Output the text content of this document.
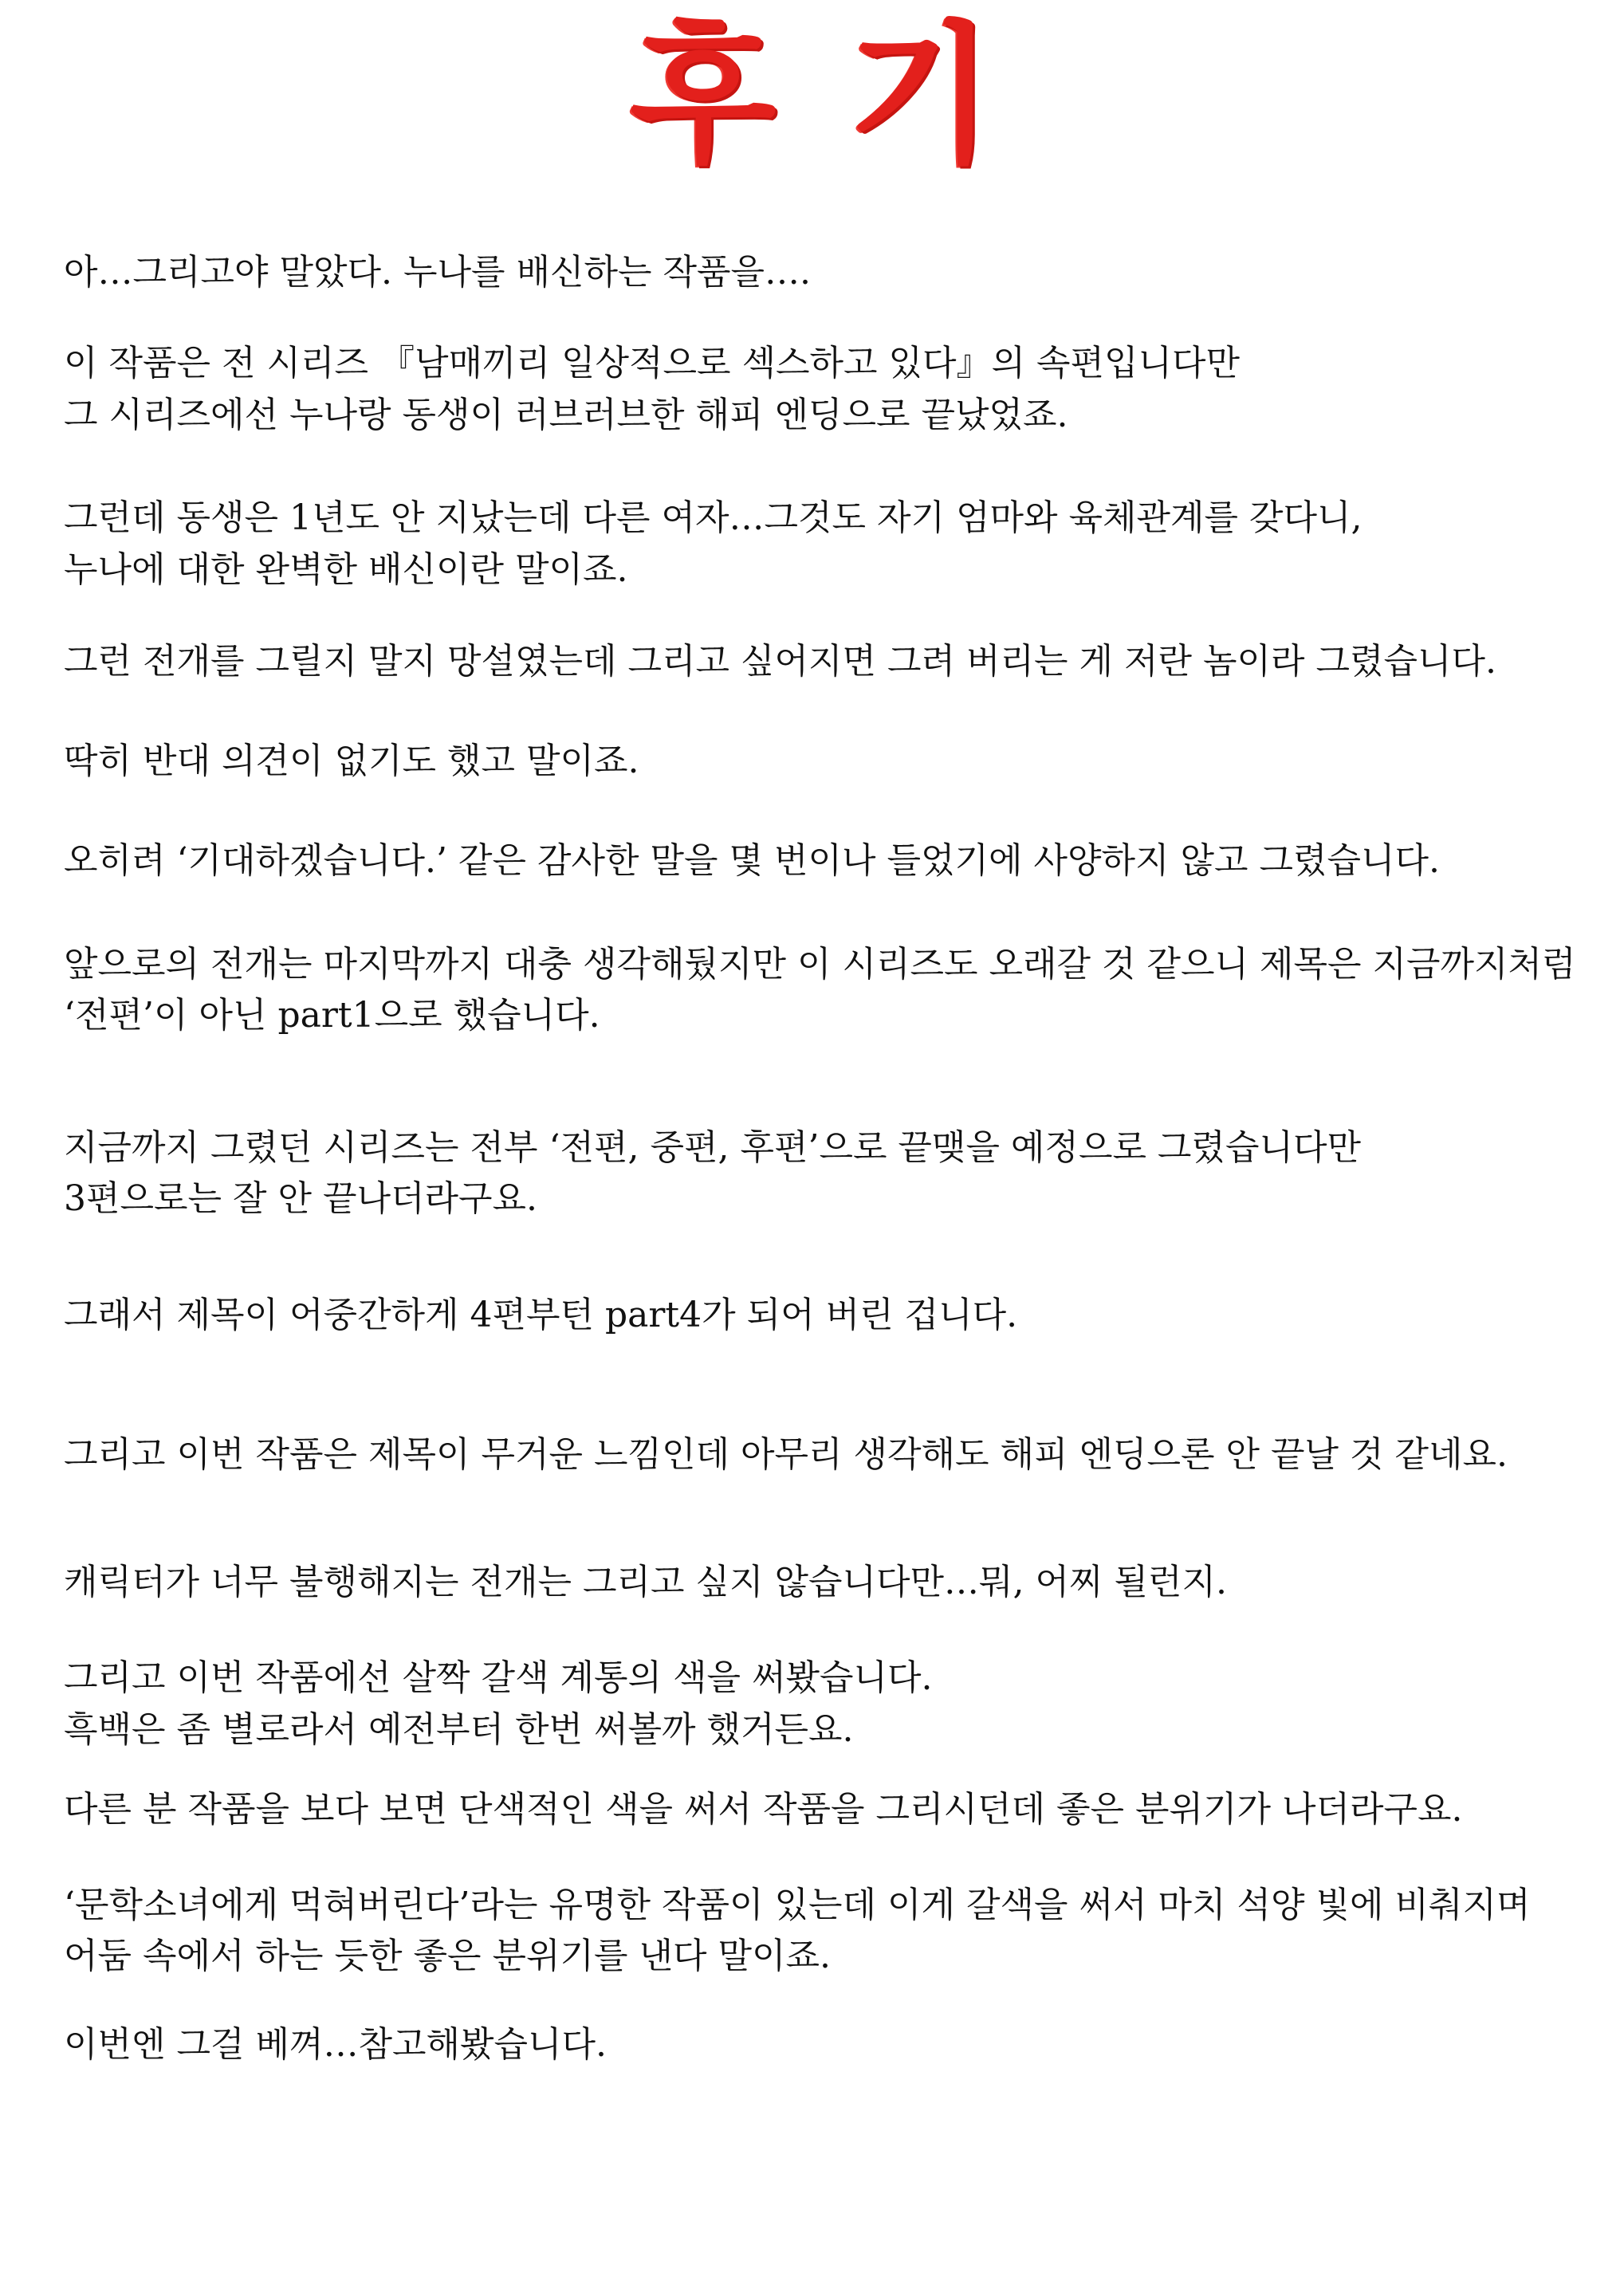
후기
아…그리고야 말았다. 누나를 배신하는 작품을….
이 작품은 전 시리즈 『남매끼리 일상적으로 섹스하고 있다』의 속편입니다만
그 시리즈에선 누나랑 동생이 러브러브한 해피 엔딩으로 끝났었죠.
그런데 동생은 1년도 안 지났는데 다른 여자…그것도 자기 엄마와 육체관계를 갖다니,
누나에 대한 완벽한 배신이란 말이죠.
그런 전개를 그릴지 말지 망설였는데 그리고 싶어지면 그려 버리는 게 저란 놈이라 그렸습니다.
딱히 반대 의견이 없기도 했고 말이죠.
오히려 ‘기대하겠습니다.’ 같은 감사한 말을 몇 번이나 들었기에 사양하지 않고 그렸습니다.
앞으로의 전개는 마지막까지 대충 생각해뒀지만 이 시리즈도 오래갈 것 같으니 제목은 지금까지처럼
‘전편’이 아닌 part1으로 했습니다.
지금까지 그렸던 시리즈는 전부 ‘전편, 중편, 후편’으로 끝맺을 예정으로 그렸습니다만
3편으로는 잘 안 끝나더라구요.
그래서 제목이 어중간하게 4편부턴 part4가 되어 버린 겁니다.
그리고 이번 작품은 제목이 무거운 느낌인데 아무리 생각해도 해피 엔딩으론 안 끝날 것 같네요.
캐릭터가 너무 불행해지는 전개는 그리고 싶지 않습니다만…뭐, 어찌 될런지.
그리고 이번 작품에선 살짝 갈색 계통의 색을 써봤습니다.
흑백은 좀 별로라서 예전부터 한번 써볼까 했거든요.
다른 분 작품을 보다 보면 단색적인 색을 써서 작품을 그리시던데 좋은 분위기가 나더라구요.
‘문학소녀에게 먹혀버린다’라는 유명한 작품이 있는데 이게 갈색을 써서 마치 석양 빛에 비춰지며
어둠 속에서 하는 듯한 좋은 분위기를 낸다 말이죠.
이번엔 그걸 베껴…참고해봤습니다.
